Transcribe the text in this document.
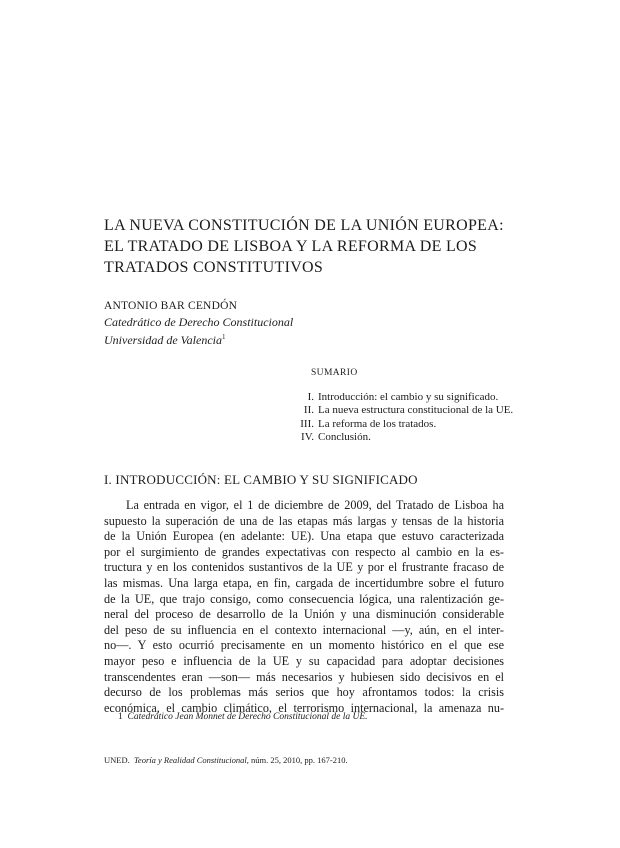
LA NUEVA CONSTITUCIÓN DE LA UNIÓN EUROPEA:
EL TRATADO DE LISBOA Y LA REFORMA DE LOS
TRATADOS CONSTITUTIVOS
ANTONIO BAR CENDÓN
Catedrático de Derecho Constitucional
Universidad de Valencia$^1$
SUMARIO
I. Introducción: el cambio y su significado.
II. La nueva estructura constitucional de la UE.
III. La reforma de los tratados.
IV. Conclusión.
I. INTRODUCCIÓN: EL CAMBIO Y SU SIGNIFICADO
La entrada en vigor, el 1 de diciembre de 2009, del Tratado de Lisboa ha
supuesto la superación de una de las etapas más largas y tensas de la historia
de la Unión Europea (en adelante: UE). Una etapa que estuvo caracterizada
por el surgimiento de grandes expectativas con respecto al cambio en la es-
tructura y en los contenidos sustantivos de la UE y por el frustrante fracaso de
las mismas. Una larga etapa, en fin, cargada de incertidumbre sobre el futuro
de la UE, que trajo consigo, como consecuencia lógica, una ralentización ge-
neral del proceso de desarrollo de la Unión y una disminución considerable
del peso de su influencia en el contexto internacional —y, aún, en el inter-
no—. Y esto ocurrió precisamente en un momento histórico en el que ese
mayor peso e influencia de la UE y su capacidad para adoptar decisiones
transcendentes eran —son— más necesarios y hubiesen sido decisivos en el
decurso de los problemas más serios que hoy afrontamos todos: la crisis
económica, el cambio climático, el terrorismo internacional, la amenaza nu-
1 Catedrático Jean Monnet de Derecho Constitucional de la UE.
UNED. Teoría y Realidad Constitucional, núm. 25, 2010, pp. 167-210.
